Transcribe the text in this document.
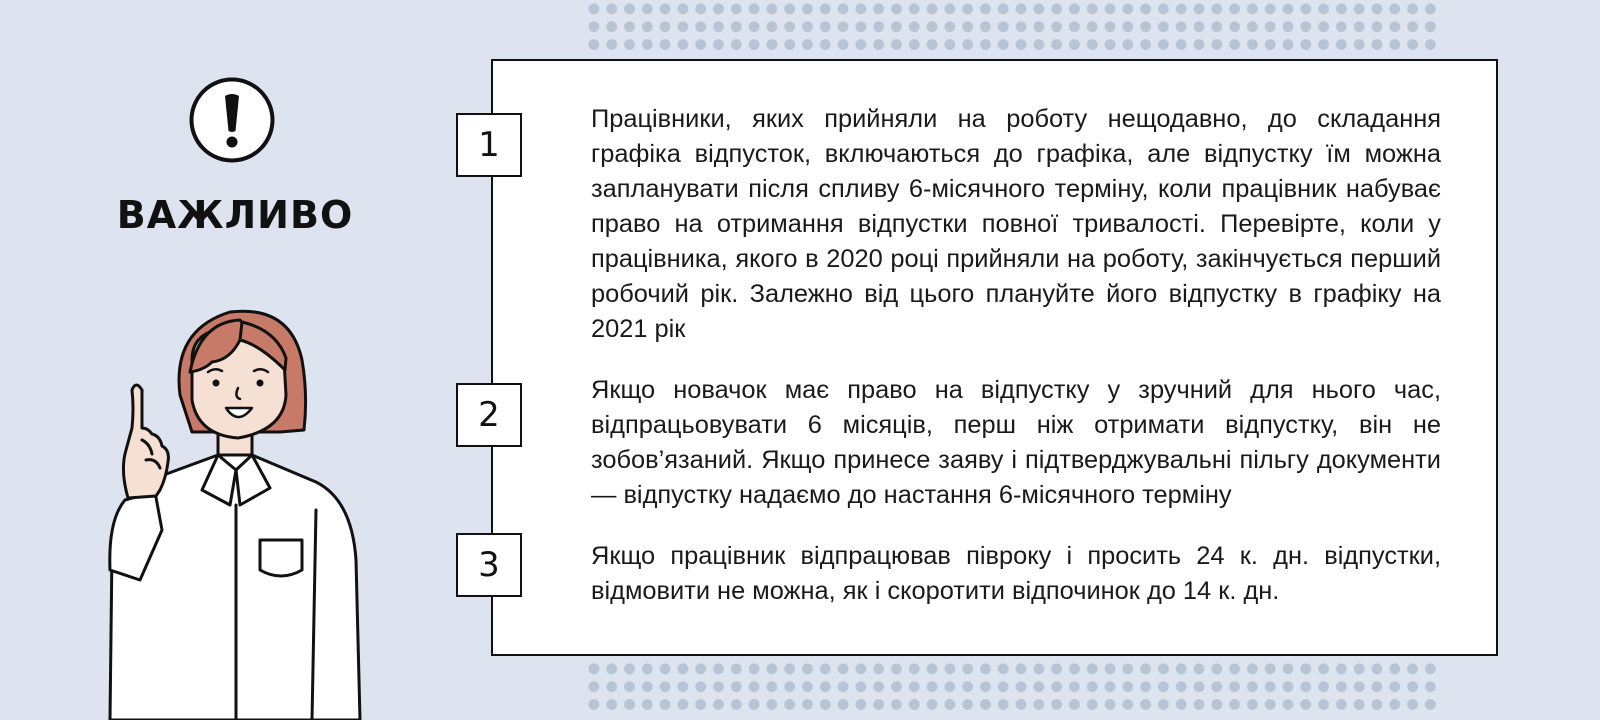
ВАЖЛИВО
1
2
3

Працівники, яких прийняли на роботу нещодавно, до складання графіка відпусток, включаються до графіка, але відпустку їм можна запланувати після спливу 6-місячного терміну, коли працівник набуває право на отримання відпустки повної тривалості. Перевірте, коли у працівника, якого в 2020 році прийняли на роботу, закінчується перший робочий рік. Залежно від цього плануйте його відпустку в графіку на 2021 рік

Якщо новачок має право на відпустку у зручний для нього час, відпрацьовувати 6 місяців, перш ніж отримати відпустку, він не зобов’язаний. Якщо принесе заяву і підтверджувальні пільгу документи — відпустку надаємо до настання 6-місячного терміну

Якщо працівник відпрацював півроку і просить 24 к. дн. відпустки, відмовити не можна, як і скоротити відпочинок до 14 к. дн.
